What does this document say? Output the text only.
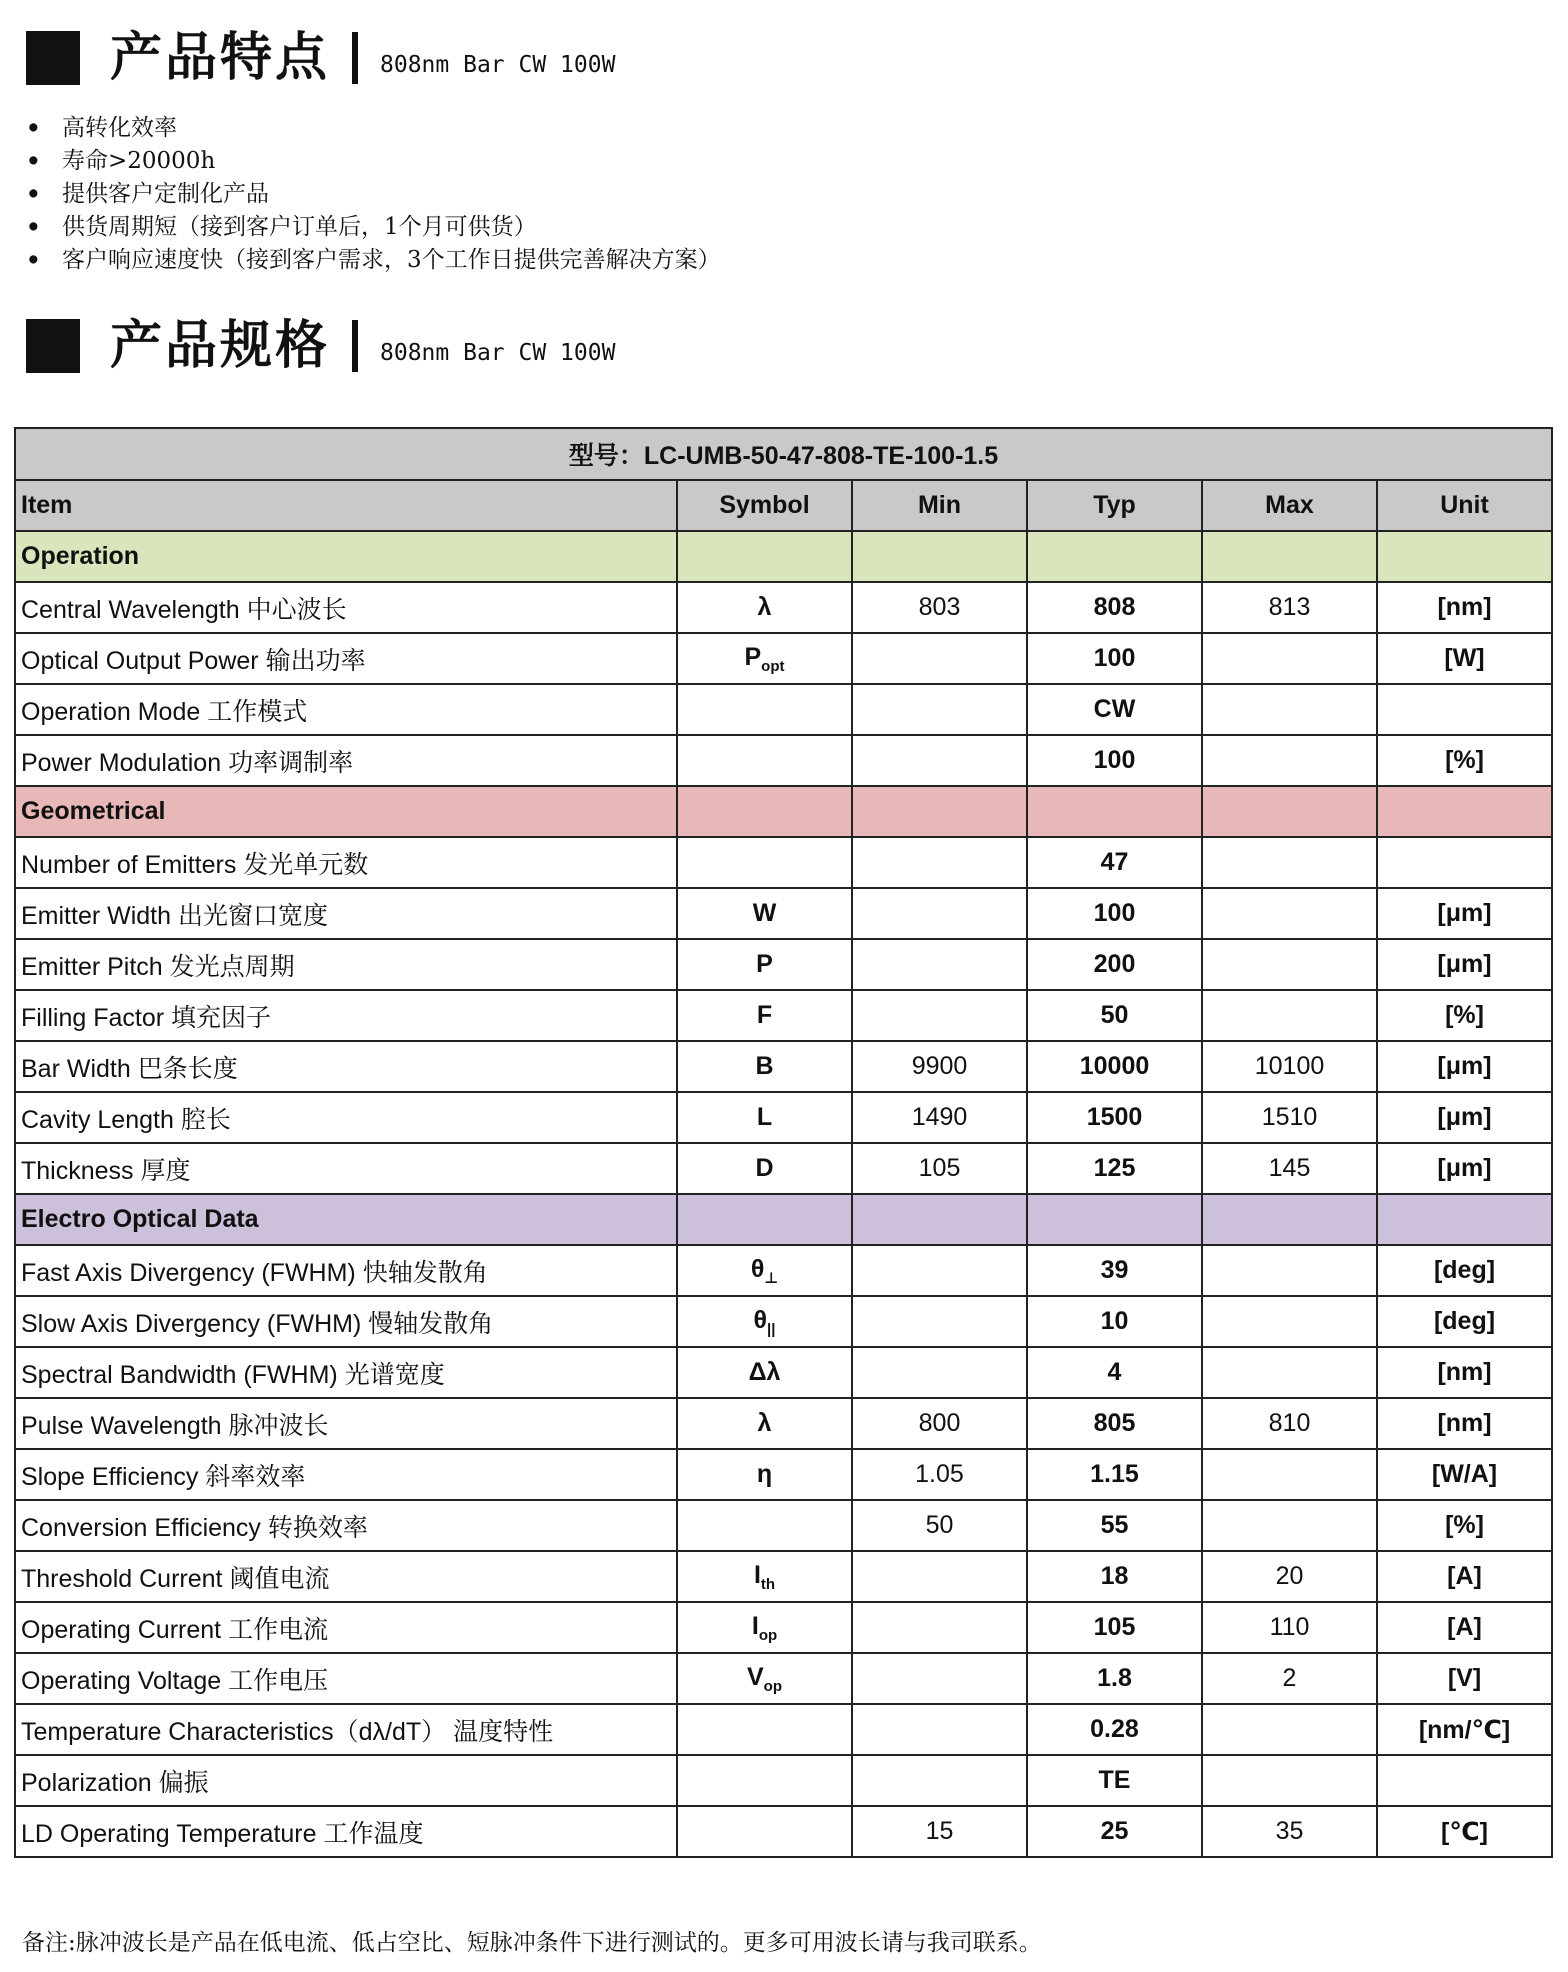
产品特点 808nm Bar CW 100W
• 高转化效率
• 寿命>20000h
• 提供客户定制化产品
• 供货周期短（接到客户订单后，1个月可供货）
• 客户响应速度快（接到客户需求，3个工作日提供完善解决方案）
产品规格 808nm Bar CW 100W
型号：LC-UMB-50-47-808-TE-100-1.5					
Item	Symbol	Min	Typ	Max	Unit
Operation					
Central Wavelength 中心波长	λ	803	808	813	[nm]
Optical Output Power 输出功率	$P_{opt}$		100		[W]
Operation Mode 工作模式			CW		
Power Modulation 功率调制率			100		[%]
Geometrical					
Number of Emitters 发光单元数			47		
Emitter Width 出光窗口宽度	W		100		[μm]
Emitter Pitch 发光点周期	P		200		[μm]
Filling Factor 填充因子	F		50		[%]
Bar Width 巴条长度	B	9900	10000	10100	[μm]
Cavity Length 腔长	L	1490	1500	1510	[μm]
Thickness 厚度	D	105	125	145	[μm]
Electro Optical Data					
Fast Axis Divergency (FWHM) 快轴发散角	$\theta_\perp$		39		[deg]
Slow Axis Divergency (FWHM) 慢轴发散角	$\theta_{||}$		10		[deg]
Spectral Bandwidth (FWHM) 光谱宽度	Δλ		4		[nm]
Pulse Wavelength 脉冲波长	λ	800	805	810	[nm]
Slope Efficiency 斜率效率	η	1.05	1.15		[W/A]
Conversion Efficiency 转换效率		50	55		[%]
Threshold Current 阈值电流	$I_{th}$		18	20	[A]
Operating Current 工作电流	$I_{op}$		105	110	[A]
Operating Voltage 工作电压	$V_{op}$		1.8	2	[V]
Temperature Characteristics（dλ/dT） 温度特性			0.28		[nm/℃]
Polarization 偏振			TE		
LD Operating Temperature 工作温度		15	25	35	[℃]
备注:脉冲波长是产品在低电流、低占空比、短脉冲条件下进行测试的。更多可用波长请与我司联系。
